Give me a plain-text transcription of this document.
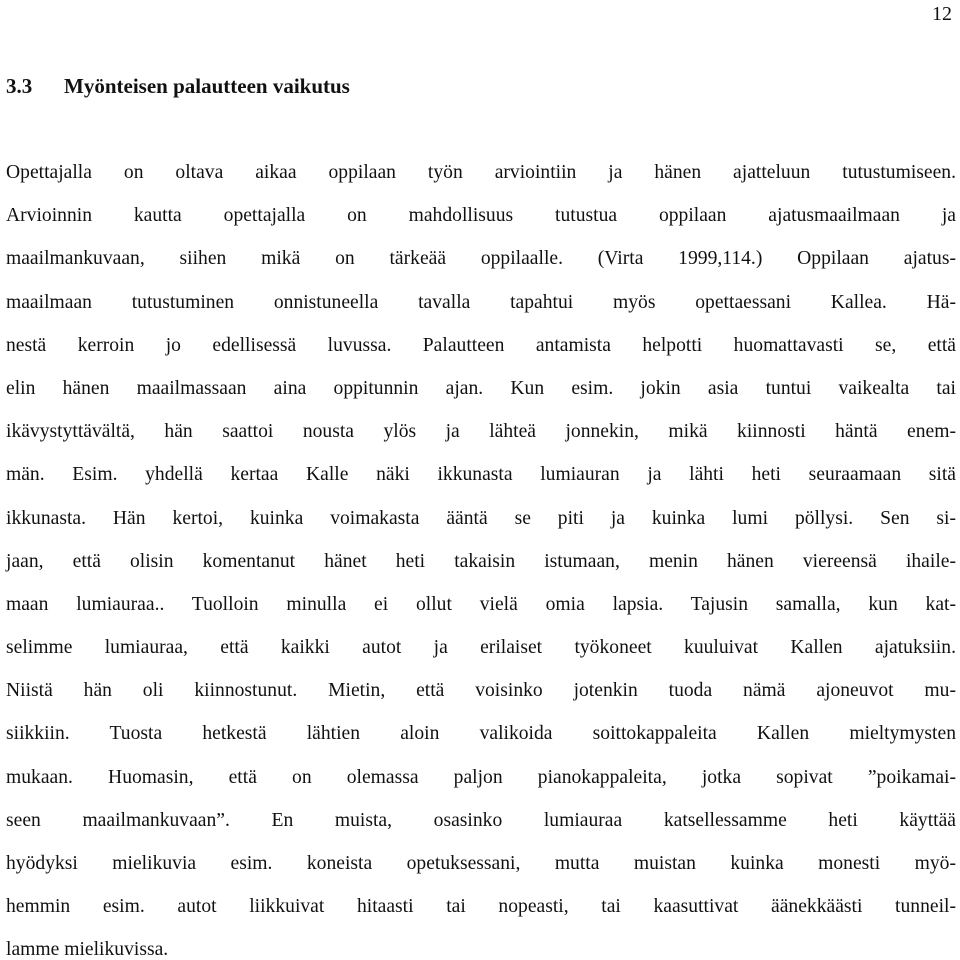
12
3.3 Myönteisen palautteen vaikutus
Opettajalla on oltava aikaa oppilaan työn arviointiin ja hänen ajatteluun tutustumiseen.
Arvioinnin kautta opettajalla on mahdollisuus tutustua oppilaan ajatusmaailmaan ja
maailmankuvaan, siihen mikä on tärkeää oppilaalle. (Virta 1999,114.) Oppilaan ajatus-
maailmaan tutustuminen onnistuneella tavalla tapahtui myös opettaessani Kallea. Hä-
nestä kerroin jo edellisessä luvussa. Palautteen antamista helpotti huomattavasti se, että
elin hänen maailmassaan aina oppitunnin ajan. Kun esim. jokin asia tuntui vaikealta tai
ikävystyttävältä, hän saattoi nousta ylös ja lähteä jonnekin, mikä kiinnosti häntä enem-
män. Esim. yhdellä kertaa Kalle näki ikkunasta lumiauran ja lähti heti seuraamaan sitä
ikkunasta. Hän kertoi, kuinka voimakasta ääntä se piti ja kuinka lumi pöllysi. Sen si-
jaan, että olisin komentanut hänet heti takaisin istumaan, menin hänen viereensä ihaile-
maan lumiauraa.. Tuolloin minulla ei ollut vielä omia lapsia. Tajusin samalla, kun kat-
selimme lumiauraa, että kaikki autot ja erilaiset työkoneet kuuluivat Kallen ajatuksiin.
Niistä hän oli kiinnostunut. Mietin, että voisinko jotenkin tuoda nämä ajoneuvot mu-
siikkiin. Tuosta hetkestä lähtien aloin valikoida soittokappaleita Kallen mieltymysten
mukaan. Huomasin, että on olemassa paljon pianokappaleita, jotka sopivat ”poikamai-
seen maailmankuvaan”. En muista, osasinko lumiauraa katsellessamme heti käyttää
hyödyksi mielikuvia esim. koneista opetuksessani, mutta muistan kuinka monesti myö-
hemmin esim. autot liikkuivat hitaasti tai nopeasti, tai kaasuttivat äänekkäästi tunneil-
lamme mielikuvissa.
